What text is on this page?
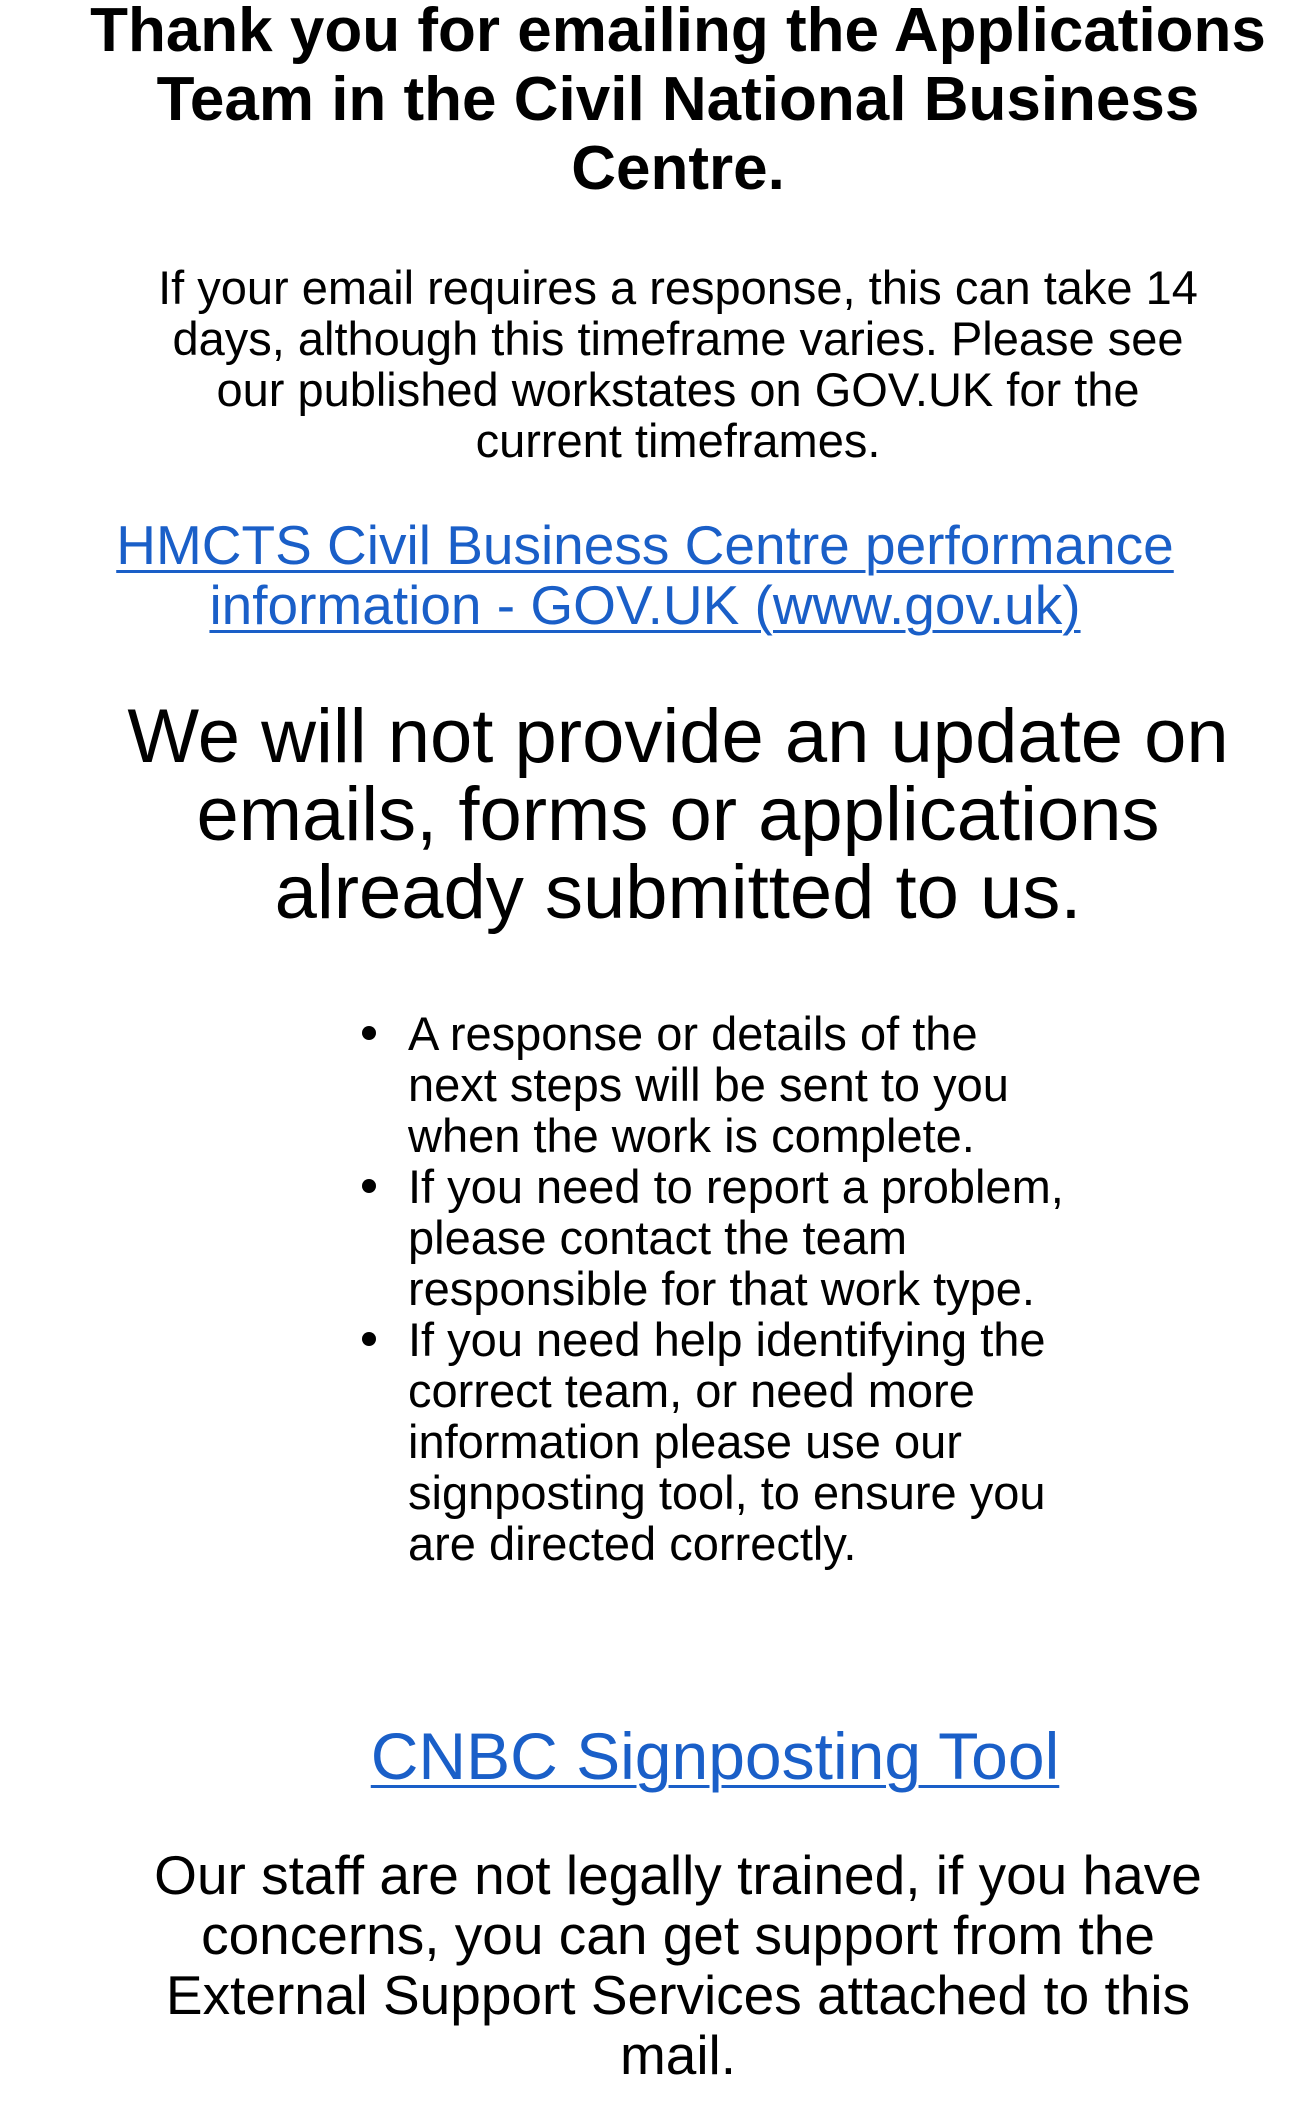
Thank you for emailing the Applications Team in the Civil National Business Centre.

If your email requires a response, this can take 14 days, although this timeframe varies. Please see our published workstates on GOV.UK for the current timeframes.

HMCTS Civil Business Centre performance information - GOV.UK (www.gov.uk)

We will not provide an update on emails, forms or applications already submitted to us.

A response or details of the next steps will be sent to you when the work is complete.
If you need to report a problem, please contact the team responsible for that work type.
If you need help identifying the correct team, or need more information please use our signposting tool, to ensure you are directed correctly.

CNBC Signposting Tool

Our staff are not legally trained, if you have concerns, you can get support from the External Support Services attached to this mail.
